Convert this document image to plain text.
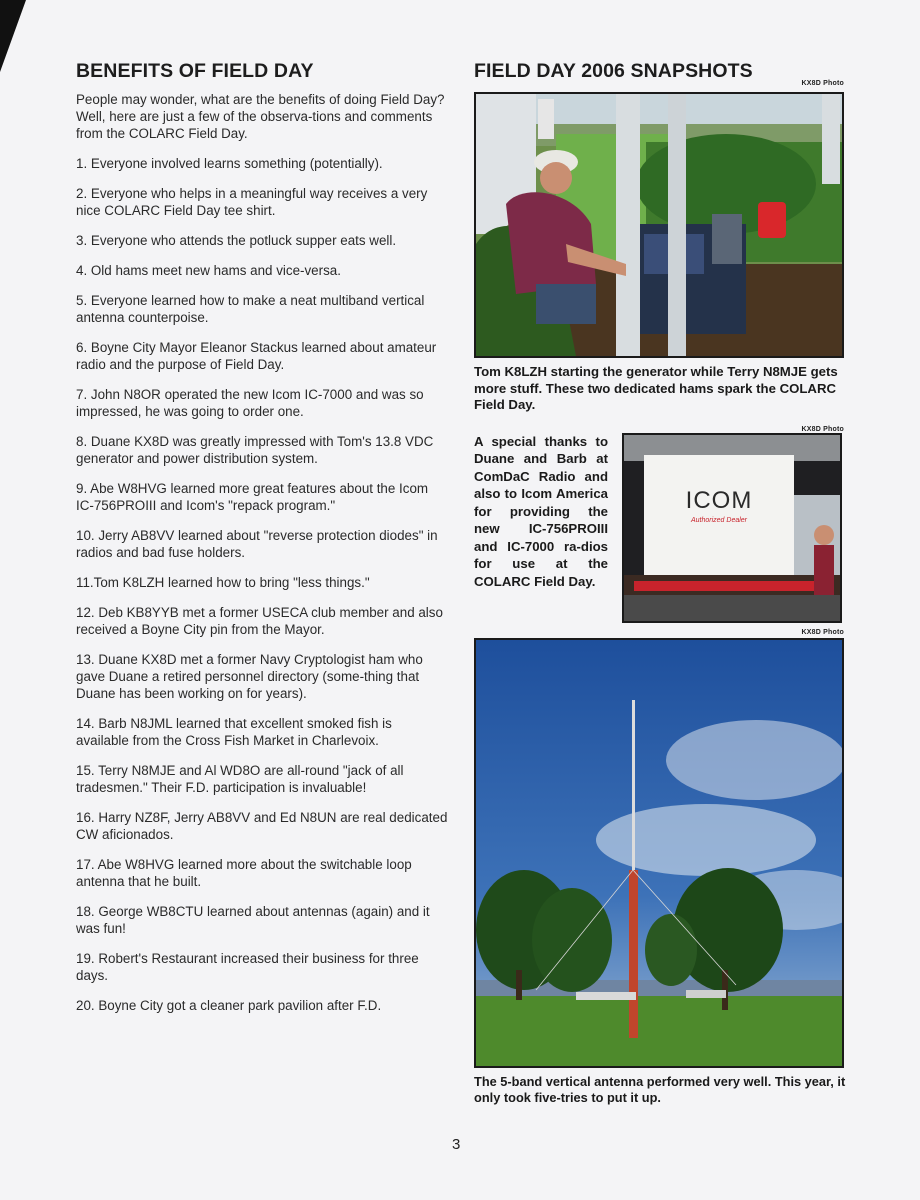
BENEFITS OF FIELD DAY

People may wonder, what are the benefits of doing Field Day? Well, here are just a few of the observa-tions and comments from the COLARC Field Day.

1. Everyone involved learns something (potentially).

2. Everyone who helps in a meaningful way receives a very nice COLARC Field Day tee shirt.

3. Everyone who attends the potluck supper eats well.

4. Old hams meet new hams and vice-versa.

5. Everyone learned how to make a neat multiband vertical antenna counterpoise.

6. Boyne City Mayor Eleanor Stackus learned about amateur radio and the purpose of Field Day.

7. John N8OR operated the new Icom IC-7000 and was so impressed, he was going to order one.

8. Duane KX8D was greatly impressed with Tom's 13.8 VDC generator and power distribution system.

9. Abe W8HVG learned more great features about the Icom IC-756PROIII and Icom's "repack program."

10. Jerry AB8VV learned about "reverse protection diodes" in radios and bad fuse holders.

11.Tom K8LZH learned how to bring "less things."

12. Deb KB8YYB met a former USECA club member and also received a Boyne City pin from the Mayor.

13. Duane KX8D met a former Navy Cryptologist ham who gave Duane a retired personnel directory (some-thing that Duane has been working on for years).

14. Barb N8JML learned that excellent smoked fish is available from the Cross Fish Market in Charlevoix.

15. Terry N8MJE and Al WD8O are all-round "jack of all tradesmen." Their F.D. participation is invaluable!

16. Harry NZ8F, Jerry AB8VV and Ed N8UN are real dedicated CW aficionados.

17. Abe W8HVG learned more about the switchable loop antenna that he built.

18. George WB8CTU learned about antennas (again) and it was fun!

19. Robert's Restaurant increased their business for three days.

20. Boyne City got a cleaner park pavilion after F.D.

FIELD DAY 2006 SNAPSHOTS
KX8D Photo

Tom K8LZH starting the generator while Terry N8MJE gets more stuff. These two dedicated hams spark the COLARC Field Day.

KX8D Photo

A special thanks to Duane and Barb at ComDaC Radio and also to Icom America for providing the new IC-756PROIII and IC-7000 ra-dios for use at the COLARC Field Day.

ICOM
Authorized Dealer
KX8D Photo

The 5-band vertical antenna performed very well. This year, it only took five-tries to put it up.

3
